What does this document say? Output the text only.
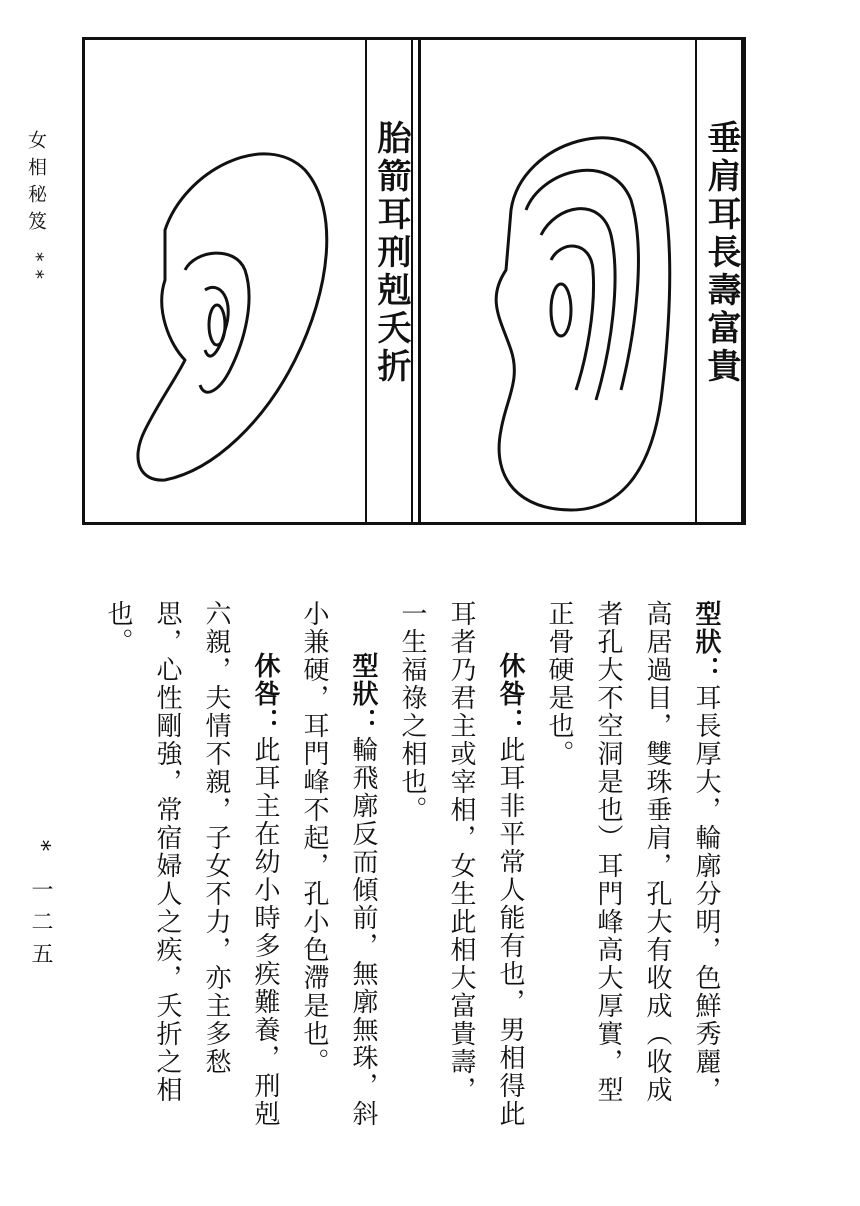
女相秘笈 **	胎箭耳刑剋夭折	垂肩耳長壽富貴

型狀：耳長厚大，輪廓分明，色鮮秀麗，高居過目，雙珠垂肩，孔大有收成（收成者孔大不空洞是也）耳門峰高大厚實，型正骨硬是也。

休咎：此耳非平常人能有也，男相得此耳者乃君主或宰相，女生此相大富貴壽，一生福祿之相也。

型狀：輪飛廓反而傾前，無廓無珠，斜小兼硬，耳門峰不起，孔小色滯是也。

休咎：此耳主在幼小時多疾難養，刑剋六親，夫情不親，子女不力，亦主多愁思，心性剛強，常宿婦人之疾，夭折之相也。

* 一二五
